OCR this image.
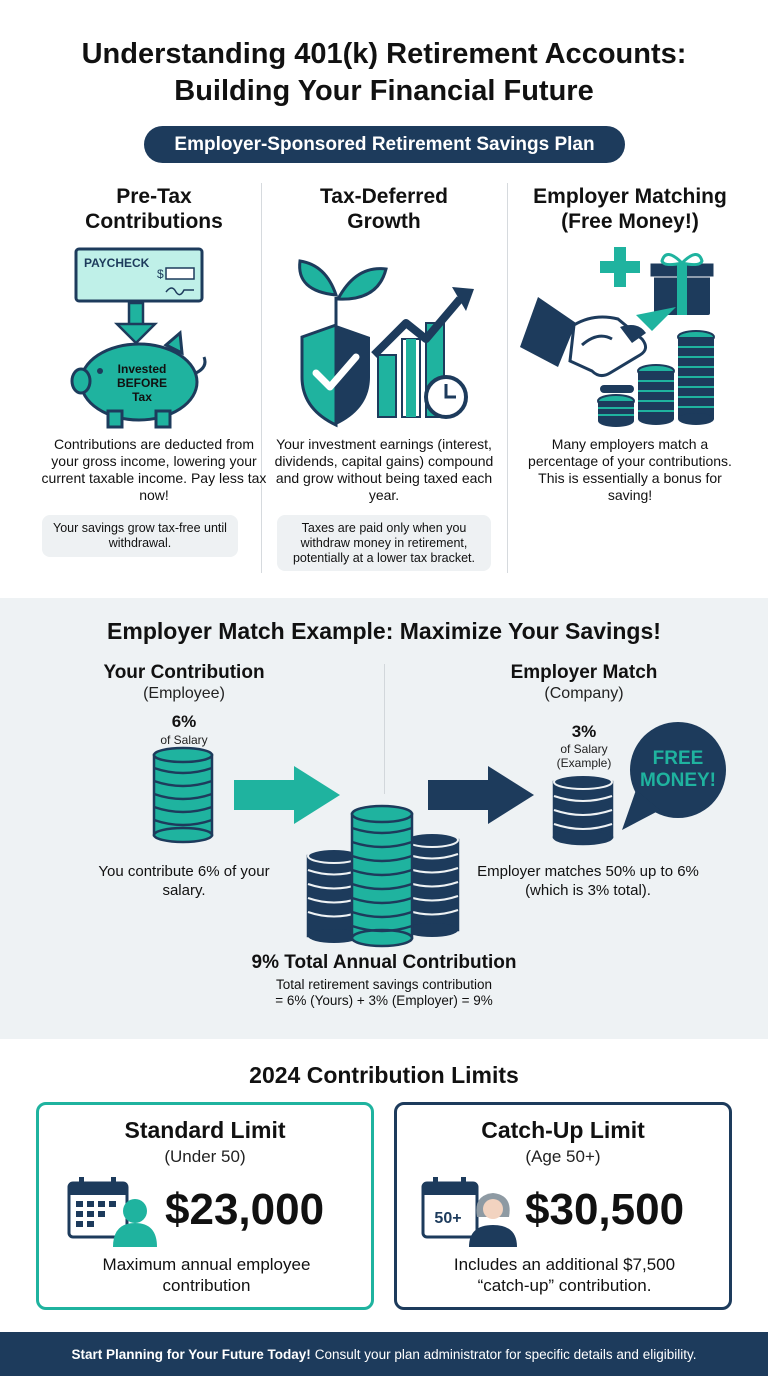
Understanding 401(k) Retirement Accounts:
Building Your Financial Future
Employer-Sponsored Retirement Savings Plan
Pre-Tax Contributions
PAYCHECK
$
Invested
BEFORE
Tax
Contributions are deducted from your gross income, lowering your current taxable income. Pay less tax now!
Your savings grow tax-free until withdrawal.
Tax-Deferred Growth
Your investment earnings (interest, dividends, capital gains) compound and grow without being taxed each year.
Taxes are paid only when you withdraw money in retirement, potentially at a lower tax bracket.
Employer Matching (Free Money!)
Many employers match a percentage of your contributions. This is essentially a bonus for saving!
Employer Match Example: Maximize Your Savings!
Your Contribution
(Employee)
6%
of Salary
Employer Match
(Company)
3%
of Salary
(Example)	FREE
MONEY!
You contribute 6% of your salary.
Employer matches 50% up to 6% (which is 3% total).
9% Total Annual Contribution
Total retirement savings contribution
= 6% (Yours) + 3% (Employer) = 9%
2024 Contribution Limits
Standard Limit
(Under 50)
$23,000
Maximum annual employee contribution
Catch-Up Limit
(Age 50+)
50+ $30,500
Includes an additional $7,500 “catch-up” contribution.
Start Planning for Your Future Today! Consult your plan administrator for specific details and eligibility.
